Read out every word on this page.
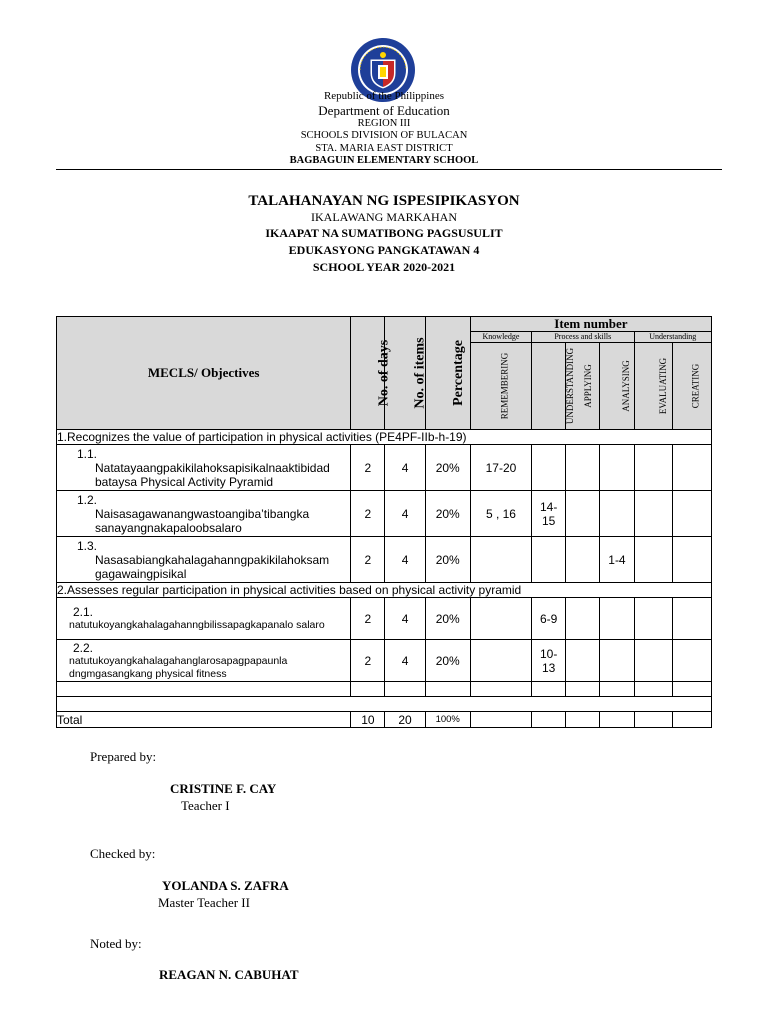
Republic of the Philippines
Department of Education
REGION III
SCHOOLS DIVISION OF BULACAN
STA. MARIA EAST DISTRICT
BAGBAGUIN ELEMENTARY SCHOOL
TALAHANAYAN NG ISPESIPIKASYON
IKALAWANG MARKAHAN
IKAAPAT NA SUMATIBONG PAGSUSULIT
EDUKASYONG PANGKATAWAN 4
SCHOOL YEAR 2020-2021
MECLS/ Objectives	No. of days	No. of items	Percentage	Item number					
				Knowledge	Process and skills			Understanding	
				REMEMBERING	UNDERSTANDING	APPLYING	ANALYSING	EVALUATING	CREATING
1.Recognizes the value of participation in physical activities (PE4PF-IIb-h-19)									

1.1.
Natatayaangpakikilahoksapisikalnaaktibidad bataysa Physical Activity Pyramid	2	4	20%	17-20					

1.2.
Naisasagawanangwastoangiba’tibangka sanayangnakapaloobsalaro	2	4	20%	5 , 16	14-
15				

1.3.
Nasasabiangkahalagahanngpakikilahoksam gagawaingpisikal	2	4	20%				1-4		
2.Assesses regular participation in physical activities based on physical activity pyramid									

2.1.
natutukoyangkahalagahanngbilissapagkapanalo salaro	2	4	20%		6-9				

2.2.
natutukoyangkahalagahanglarosapagpapaunla dngmgasangkang physical fitness	2	4	20%		10-
13				

Total	10	20	100%						
Prepared by:
CRISTINE F. CAY
Teacher I
Checked by:
YOLANDA S. ZAFRA
Master Teacher II
Noted by:
REAGAN N. CABUHAT
